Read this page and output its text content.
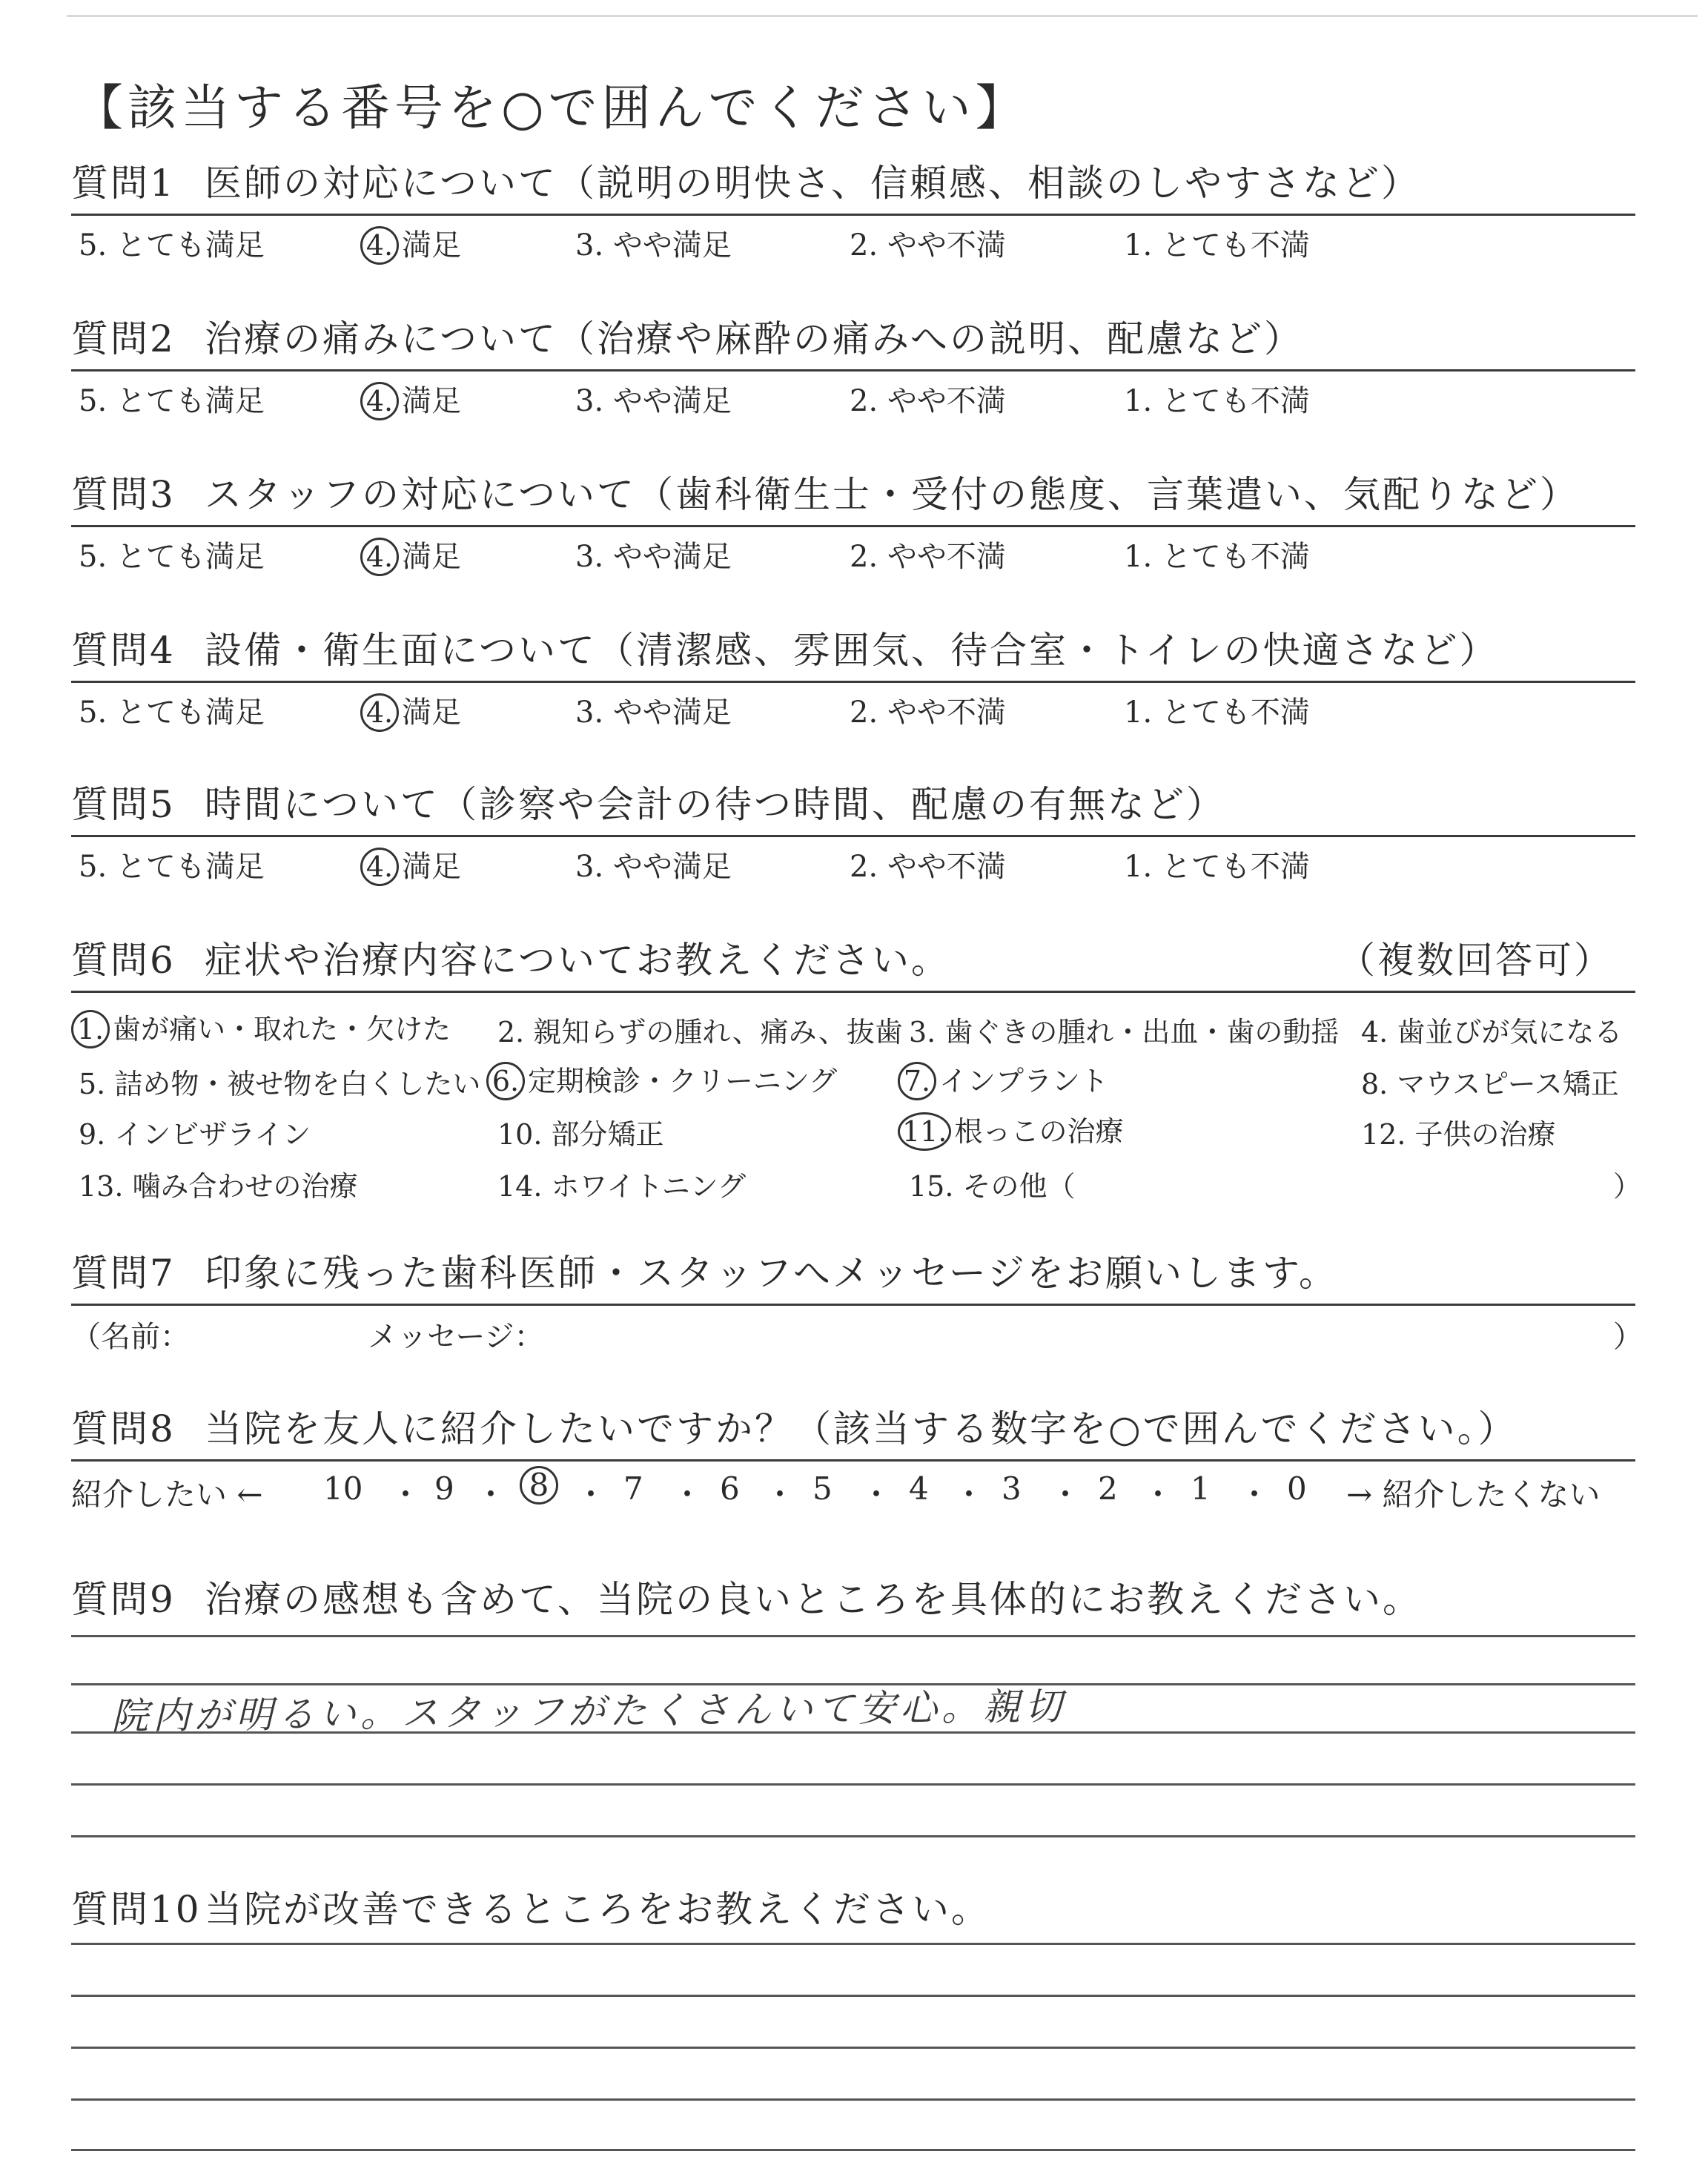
【該当する番号を○で囲んでください】
質問1 医師の対応について（説明の明快さ、信頼感、相談のしやすさなど）
5. とても満足	4. 満足	3. やや満足	2. やや不満	1. とても不満
質問2 治療の痛みについて（治療や麻酔の痛みへの説明、配慮など）
5. とても満足	4. 満足	3. やや満足	2. やや不満	1. とても不満
質問3 スタッフの対応について（歯科衛生士・受付の態度、言葉遣い、気配りなど）
5. とても満足	4. 満足	3. やや満足	2. やや不満	1. とても不満
質問4 設備・衛生面について（清潔感、雰囲気、待合室・トイレの快適さなど）
5. とても満足	4. 満足	3. やや満足	2. やや不満	1. とても不満
質問5 時間について（診察や会計の待つ時間、配慮の有無など）
5. とても満足	4. 満足	3. やや満足	2. やや不満	1. とても不満
質問6 症状や治療内容についてお教えください。	（複数回答可）
1. 歯が痛い・取れた・欠けた 2. 親知らずの腫れ、痛み、抜歯 3. 歯ぐきの腫れ・出血・歯の動揺 4. 歯並びが気になる
5. 詰め物・被せ物を白くしたい 6. 定期検診・クリーニング 7. インプラント	8. マウスピース矯正
9. インビザライン	10. 部分矯正	11. 根っこの治療	12. 子供の治療
13. 噛み合わせの治療	14. ホワイトニング	15. その他（	）
質問7 印象に残った歯科医師・スタッフへメッセージをお願いします。
（名前：	メッセージ：	）
質問8 当院を友人に紹介したいですか？（該当する数字を○で囲んでください。）
紹介したい ← 10 ・ 9 ・ 8 ・ 7 ・ 6 ・ 5 ・ 4 ・ 3 ・ 2 ・ 1 ・ 0 → 紹介したくない
質問9 治療の感想も含めて、当院の良いところを具体的にお教えください。
院内が明るい。スタッフがたくさんいて安心。親切
質問10当院が改善できるところをお教えください。
